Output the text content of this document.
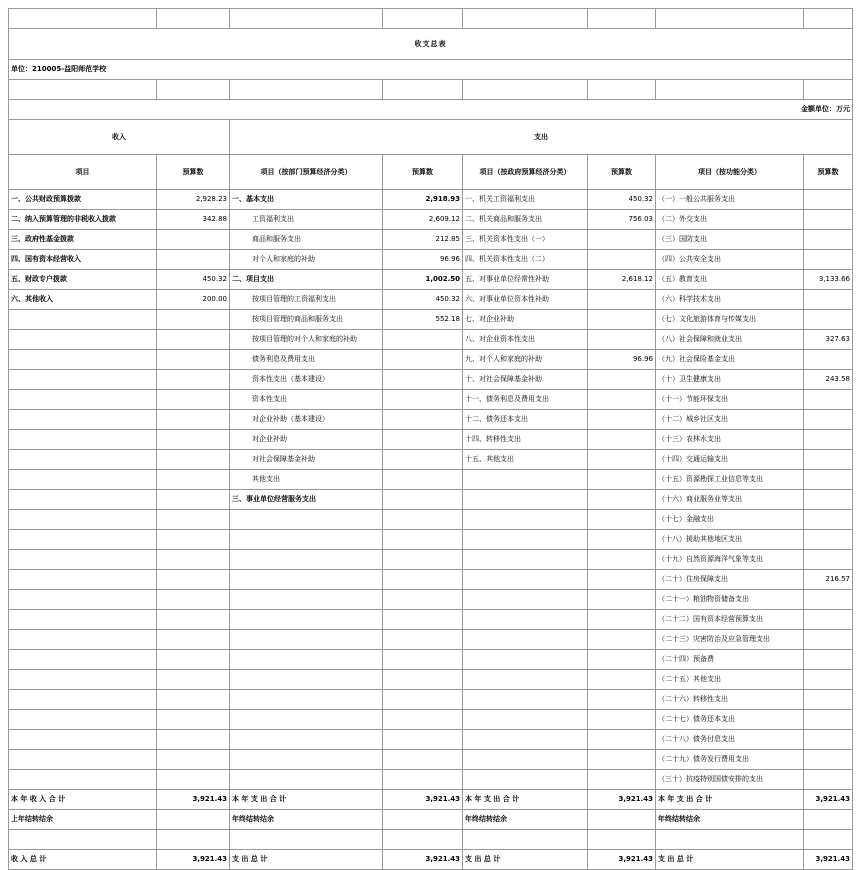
收支总表							
单位：210005-益阳师范学校							

金额单位：万元							
收入		支出					
项目	预算数	项目（按部门预算经济分类）	预算数	项目（按政府预算经济分类）	预算数	项目（按功能分类）	预算数
一、公共财政预算拨款	2,928.23	一、基本支出	2,918.93	一、机关工资福利支出	450.32	（一）一般公共服务支出	
二、纳入预算管理的非税收入拨款	342.88	工资福利支出	2,609.12	二、机关商品和服务支出	756.03	（二）外交支出	
三、政府性基金拨款		商品和服务支出	212.85	三、机关资本性支出（一）		（三）国防支出	
四、国有资本经营收入		对个人和家庭的补助	96.96	四、机关资本性支出（二）		（四）公共安全支出	
五、财政专户拨款	450.32	二、项目支出	1,002.50	五、对事业单位经常性补助	2,618.12	（五）教育支出	3,133.66
六、其他收入	200.00	按项目管理的工资福利支出	450.32	六、对事业单位资本性补助		（六）科学技术支出	
		按项目管理的商品和服务支出	552.18	七、对企业补助		（七）文化旅游体育与传媒支出	
		按项目管理的对个人和家庭的补助		八、对企业资本性支出		（八）社会保障和就业支出	327.63
		债务利息及费用支出		九、对个人和家庭的补助	96.96	（九）社会保险基金支出	
		资本性支出（基本建设）		十、对社会保障基金补助		（十）卫生健康支出	243.58
		资本性支出		十一、债务利息及费用支出		（十一）节能环保支出	
		对企业补助（基本建设）		十二、债务还本支出		（十二）城乡社区支出	
		对企业补助		十四、转移性支出		（十三）农林水支出	
		对社会保障基金补助		十五、其他支出		（十四）交通运输支出	
		其他支出				（十五）资源勘探工业信息等支出	
		三、事业单位经营服务支出				（十六）商业服务业等支出	
						（十七）金融支出	
						（十八）援助其他地区支出	
						（十九）自然资源海洋气象等支出	
						（二十）住房保障支出	216.57
						（二十一）粮油物资储备支出	
						（二十二）国有资本经营预算支出	
						（二十三）灾害防治及应急管理支出	
						（二十四）预备费	
						（二十五）其他支出	
						（二十六）转移性支出	
						（二十七）债务还本支出	
						（二十八）债务付息支出	
						（二十九）债务发行费用支出	
						（三十）抗疫特别国债安排的支出	
本 年 收 入 合 计	3,921.43	本 年 支 出 合 计	3,921.43	本 年 支 出 合 计	3,921.43	本 年 支 出 合 计	3,921.43
上年结转结余		年终结转结余		年终结转结余		年终结转结余	

收 入 总 计	3,921.43	支 出 总 计	3,921.43	支 出 总 计	3,921.43	支 出 总 计	3,921.43
